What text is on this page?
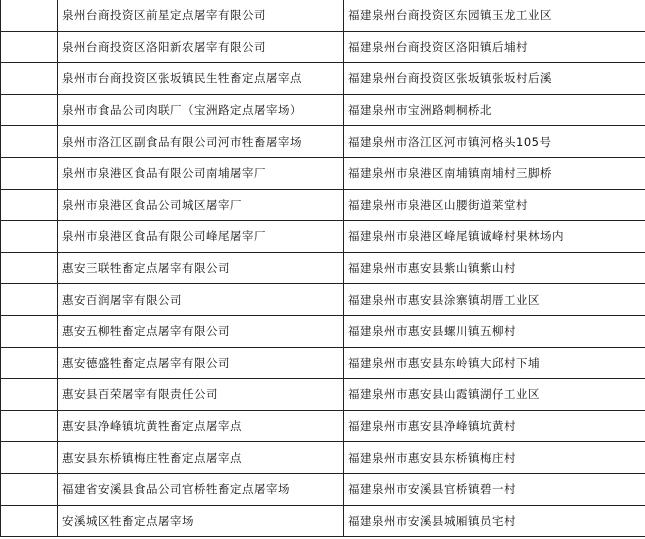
	泉州台商投资区前星定点屠宰有限公司	福建泉州台商投资区东园镇玉龙工业区	
	泉州台商投资区洛阳新农屠宰有限公司	福建泉州台商投资区洛阳镇后埔村	
	泉州市台商投资区张坂镇民生牲畜定点屠宰点	福建泉州台商投资区张坂镇张坂村后溪	
	泉州市食品公司肉联厂（宝洲路定点屠宰场）	福建泉州市宝洲路刺桐桥北	
	泉州市洛江区副食品有限公司河市牲畜屠宰场	福建泉州市洛江区河市镇河格头105号	
	泉州市泉港区食品有限公司南埔屠宰厂	福建泉州市泉港区南埔镇南埔村三脚桥	
	泉州市泉港区食品公司城区屠宰厂	福建泉州市泉港区山腰街道莱堂村	
	泉州市泉港区食品有限公司峰尾屠宰厂	福建泉州市泉港区峰尾镇诚峰村果林场内	
	惠安三联牲畜定点屠宰有限公司	福建泉州市惠安县紫山镇紫山村	
	惠安百润屠宰有限公司	福建泉州市惠安县涂寨镇胡厝工业区	
	惠安五柳牲畜定点屠宰有限公司	福建泉州市惠安县螺川镇五柳村	
	惠安德盛牲畜定点屠宰有限公司	福建泉州市惠安县东岭镇大邱村下埔	
	惠安县百荣屠宰有限责任公司	福建泉州市惠安县山霞镇湖仔工业区	
	惠安县净峰镇坑黄牲畜定点屠宰点	福建泉州市惠安县净峰镇坑黄村	
	惠安县东桥镇梅庄牲畜定点屠宰点	福建泉州市惠安县东桥镇梅庄村	
	福建省安溪县食品公司官桥牲畜定点屠宰场	福建泉州市安溪县官桥镇碧一村	
	安溪城区牲畜定点屠宰场	福建泉州市安溪县城厢镇员宅村	
